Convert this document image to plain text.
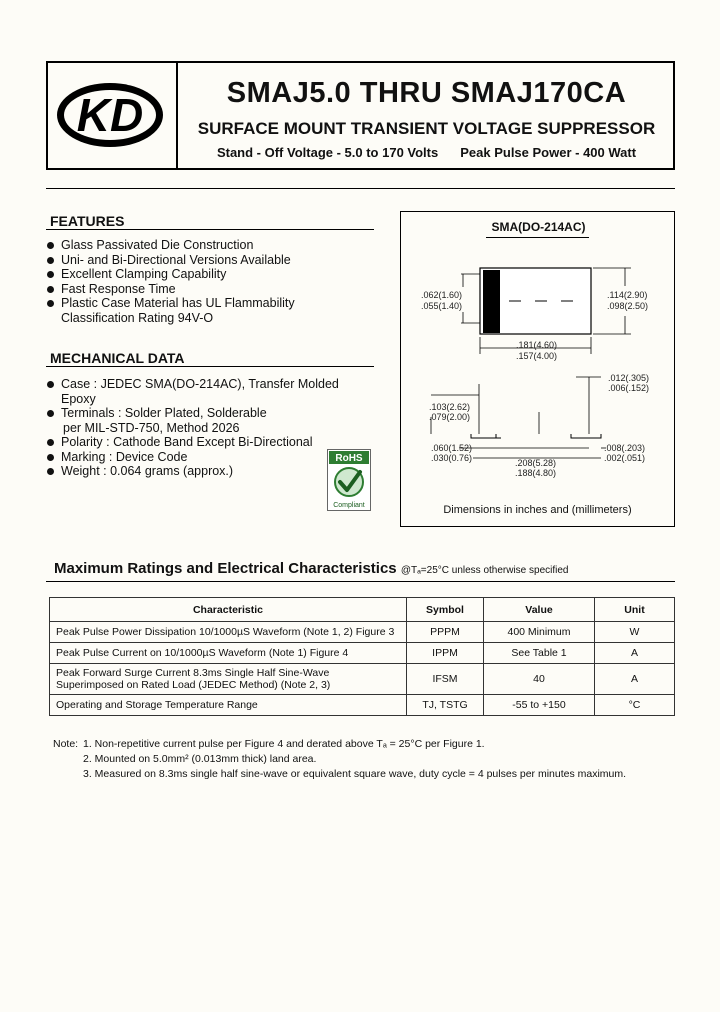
KD	SMAJ5.0 THRU SMAJ170CA
SURFACE MOUNT TRANSIENT VOLTAGE SUPPRESSOR
Stand - Off Voltage - 5.0 to 170 Volts Peak Pulse Power - 400 Watt
FEATURES
Glass Passivated Die Construction
Uni- and Bi-Directional Versions Available
Excellent Clamping Capability
Fast Response Time
Plastic Case Material has UL Flammability
Classification Rating 94V-O
MECHANICAL DATA
Case : JEDEC SMA(DO-214AC), Transfer Molded Epoxy
Terminals : Solder Plated, Solderable
per MIL-STD-750, Method 2026
Polarity : Cathode Band Except Bi-Directional
Marking : Device Code
Weight : 0.064 grams (approx.)
RoHS
Compliant
SMA(DO-214AC)
.062(1.60)
.055(1.40)
.114(2.90)
.098(2.50)
.181(4.60)
.157(4.00)
.012(.305)
.006(.152)
.103(2.62)
.079(2.00)
.060(1.52)
.030(0.76)
.008(.203)
.002(.051)
.208(5.28)
.188(4.80)
Dimensions in inches and (millimeters)
Maximum Ratings and Electrical Characteristics @Tₐ=25°C unless otherwise specified
Characteristic	Symbol	Value	Unit
Peak Pulse Power Dissipation 10/1000µS Waveform (Note 1, 2) Figure 3	PPPM	400 Minimum	W
Peak Pulse Current on 10/1000µS Waveform (Note 1) Figure 4	IPPM	See Table 1	A

Peak Forward Surge Current 8.3ms Single Half Sine-Wave
Superimposed on Rated Load (JEDEC Method) (Note 2, 3)	IFSM	40	A
Operating and Storage Temperature Range	TJ, TSTG	-55 to +150	°C
Note: 1. Non-repetitive current pulse per Figure 4 and derated above Tₐ = 25°C per Figure 1.
2. Mounted on 5.0mm² (0.013mm thick) land area.
3. Measured on 8.3ms single half sine-wave or equivalent square wave, duty cycle = 4 pulses per minutes maximum.
